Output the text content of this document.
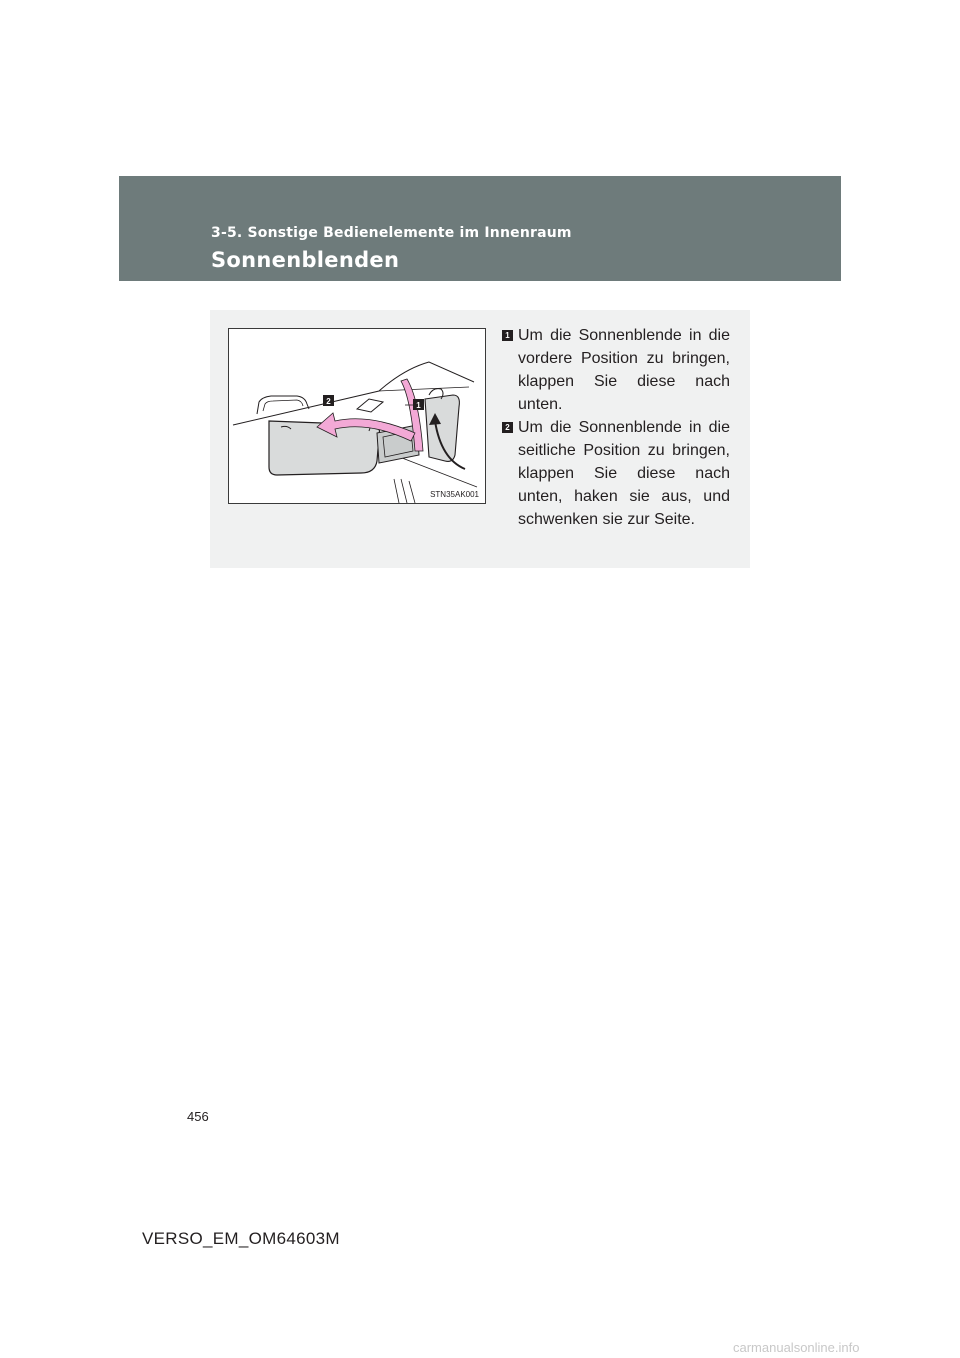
3-5. Sonstige Bedienelemente im Innenraum
Sonnenblenden
2	1
STN35AK001
1 Um die Sonnenblende in die vordere Position zu bringen, klappen Sie diese nach unten.

2 Um die Sonnenblende in die seitliche Position zu bringen, klappen Sie diese nach unten, haken sie aus, und schwenken sie zur Seite.

456
VERSO_EM_OM64603M
carmanualsonline.info
